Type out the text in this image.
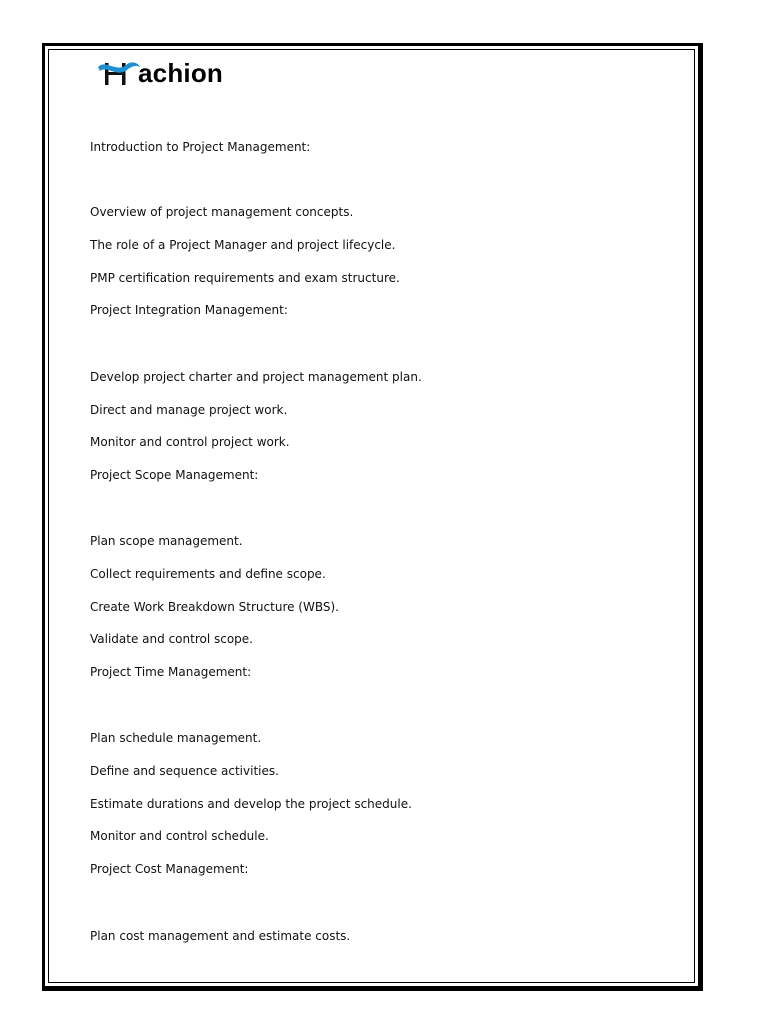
achion
Introduction to Project Management:
Overview of project management concepts.
The role of a Project Manager and project lifecycle.
PMP certification requirements and exam structure.
Project Integration Management:
Develop project charter and project management plan.
Direct and manage project work.
Monitor and control project work.
Project Scope Management:
Plan scope management.
Collect requirements and define scope.
Create Work Breakdown Structure (WBS).
Validate and control scope.
Project Time Management:
Plan schedule management.
Define and sequence activities.
Estimate durations and develop the project schedule.
Monitor and control schedule.
Project Cost Management:
Plan cost management and estimate costs.
